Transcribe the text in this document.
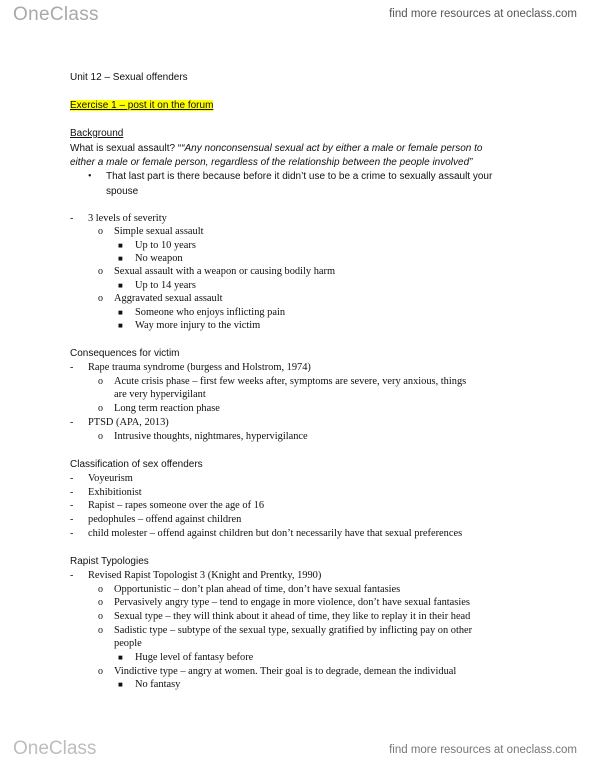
OneClass	find more resources at oneclass.com
Unit 12 – Sexual offenders
Exercise 1 – post it on the forum
Background
What is sexual assault? ““Any nonconsensual sexual act by either a male or female person to
either a male or female person, regardless of the relationship between the people involved”
• That last part is there because before it didn’t use to be a crime to sexually assault your
spouse
- 3 levels of severity
o Simple sexual assault
■ Up to 10 years
■ No weapon
o Sexual assault with a weapon or causing bodily harm
■ Up to 14 years
o Aggravated sexual assault
■ Someone who enjoys inflicting pain
■ Way more injury to the victim
Consequences for victim
- Rape trauma syndrome (burgess and Holstrom, 1974)
o Acute crisis phase – first few weeks after, symptoms are severe, very anxious, things
are very hypervigilant
o Long term reaction phase
- PTSD (APA, 2013)
o Intrusive thoughts, nightmares, hypervigilance
Classification of sex offenders
- Voyeurism
- Exhibitionist
- Rapist – rapes someone over the age of 16
- pedophules – offend against children
- child molester – offend against children but don’t necessarily have that sexual preferences
Rapist Typologies
- Revised Rapist Topologist 3 (Knight and Prentky, 1990)
o Opportunistic – don’t plan ahead of time, don’t have sexual fantasies
o Pervasively angry type – tend to engage in more violence, don’t have sexual fantasies
o Sexual type – they will think about it ahead of time, they like to replay it in their head
o Sadistic type – subtype of the sexual type, sexually gratified by inflicting pay on other
people
■ Huge level of fantasy before
o Vindictive type – angry at women. Their goal is to degrade, demean the individual
■ No fantasy
OneClass	find more resources at oneclass.com
